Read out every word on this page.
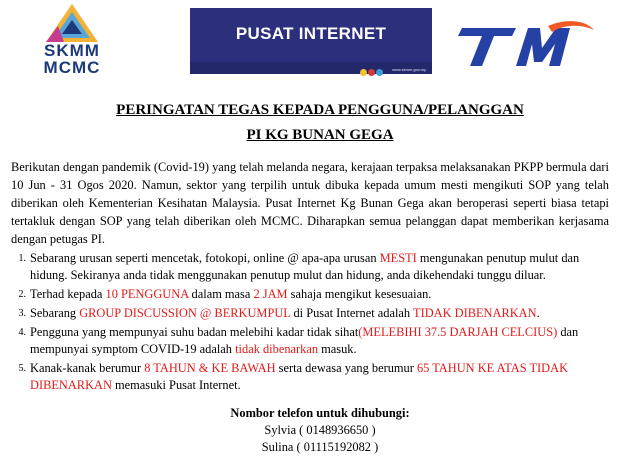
SKMM
MCMC
PUSAT INTERNET
www.skmm.gov.my
PERINGATAN TEGAS KEPADA PENGGUNA/PELANGGAN
PI KG BUNAN GEGA

Berikutan dengan pandemik (Covid-19) yang telah melanda negara, kerajaan terpaksa melaksanakan PKPP bermula dari 10 Jun - 31 Ogos 2020. Namun, sektor yang terpilih untuk dibuka kepada umum mesti mengikuti SOP yang telah diberikan oleh Kementerian Kesihatan Malaysia. Pusat Internet Kg Bunan Gega akan beroperasi seperti biasa tetapi tertakluk dengan SOP yang telah diberikan oleh MCMC. Diharapkan semua pelanggan dapat memberikan kerjasama dengan petugas PI.

1. Sebarang urusan seperti mencetak, fotokopi, online @ apa-apa urusan MESTI mengunakan penutup mulut dan hidung. Sekiranya anda tidak menggunakan penutup mulut dan hidung, anda dikehendaki tunggu diluar.
2. Terhad kepada 10 PENGGUNA dalam masa 2 JAM sahaja mengikut kesesuaian.
3. Sebarang GROUP DISCUSSION @ BERKUMPUL di Pusat Internet adalah TIDAK DIBENARKAN.
4. Pengguna yang mempunyai suhu badan melebihi kadar tidak sihat(MELEBIHI 37.5 DARJAH CELCIUS) dan mempunyai symptom COVID-19 adalah tidak dibenarkan masuk.
5. Kanak-kanak berumur 8 TAHUN & KE BAWAH serta dewasa yang berumur 65 TAHUN KE ATAS TIDAK DIBENARKAN memasuki Pusat Internet.
Nombor telefon untuk dihubungi:
Sylvia ( 0148936650 )
Sulina ( 01115192082 )
